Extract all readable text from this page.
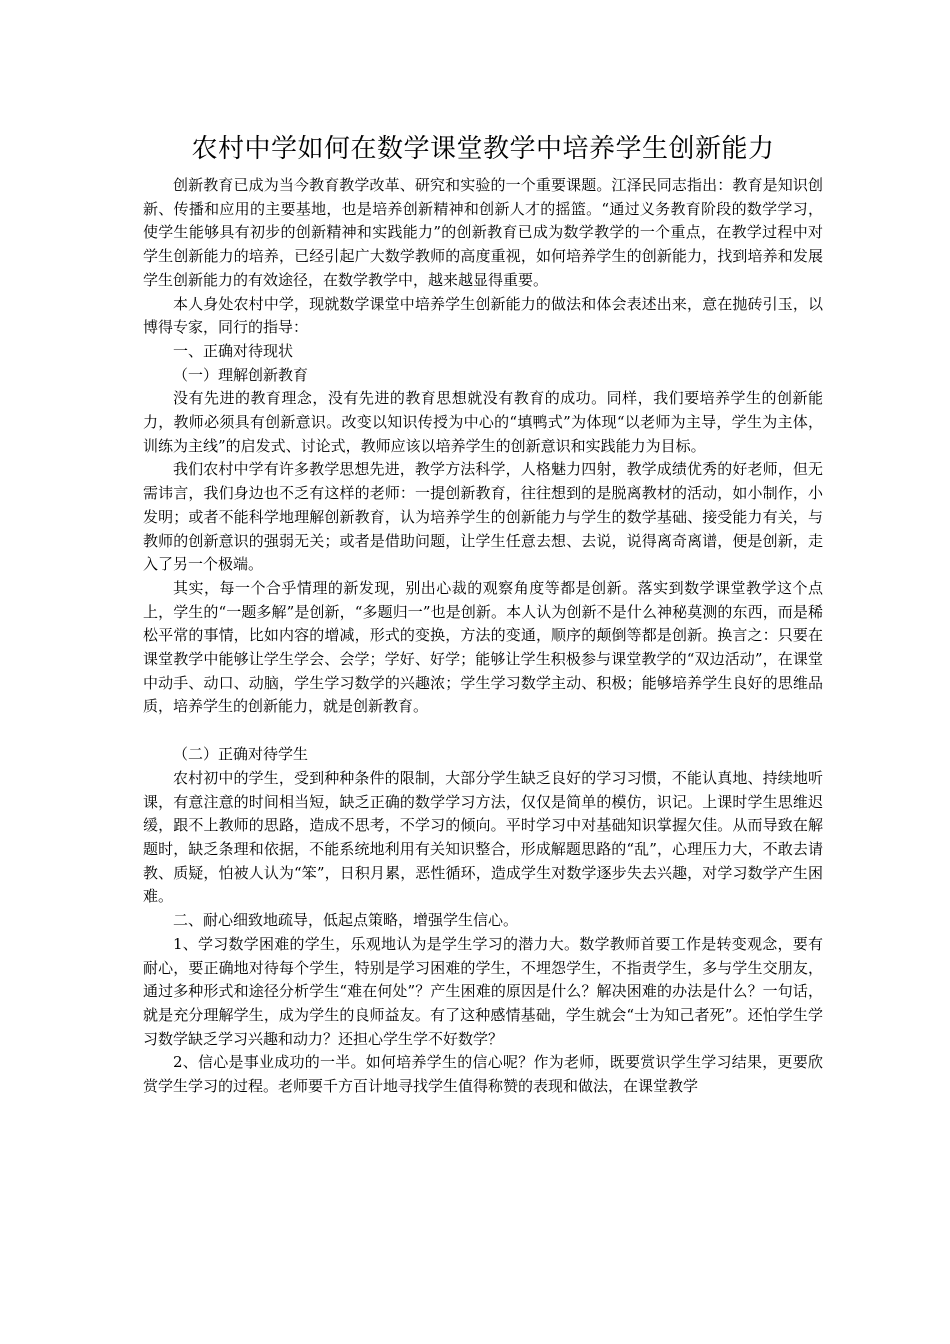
农村中学如何在数学课堂教学中培养学生创新能力

创新教育已成为当今教育教学改革、研究和实验的一个重要课题。江泽民同志指出：教育是知识创新、传播和应用的主要基地，也是培养创新精神和创新人才的摇篮。“通过义务教育阶段的数学学习，使学生能够具有初步的创新精神和实践能力”的创新教育已成为数学教学的一个重点，在教学过程中对学生创新能力的培养，已经引起广大数学教师的高度重视，如何培养学生的创新能力，找到培养和发展学生创新能力的有效途径，在数学教学中，越来越显得重要。

本人身处农村中学，现就数学课堂中培养学生创新能力的做法和体会表述出来，意在抛砖引玉，以博得专家，同行的指导：

一、正确对待现状

（一）理解创新教育

没有先进的教育理念，没有先进的教育思想就没有教育的成功。同样，我们要培养学生的创新能力，教师必须具有创新意识。改变以知识传授为中心的“填鸭式”为体现“以老师为主导，学生为主体，训练为主线”的启发式、讨论式，教师应该以培养学生的创新意识和实践能力为目标。

我们农村中学有许多教学思想先进，教学方法科学，人格魅力四射，教学成绩优秀的好老师，但无需讳言，我们身边也不乏有这样的老师：一提创新教育，往往想到的是脱离教材的活动，如小制作，小发明；或者不能科学地理解创新教育，认为培养学生的创新能力与学生的数学基础、接受能力有关，与教师的创新意识的强弱无关；或者是借助问题，让学生任意去想、去说，说得离奇离谱，便是创新，走入了另一个极端。

其实，每一个合乎情理的新发现，别出心裁的观察角度等都是创新。落实到数学课堂教学这个点上，学生的“一题多解”是创新，“多题归一”也是创新。本人认为创新不是什么神秘莫测的东西，而是稀松平常的事情，比如内容的增减，形式的变换，方法的变通，顺序的颠倒等都是创新。换言之：只要在课堂教学中能够让学生学会、会学；学好、好学；能够让学生积极参与课堂教学的“双边活动”，在课堂中动手、动口、动脑，学生学习数学的兴趣浓；学生学习数学主动、积极；能够培养学生良好的思维品质，培养学生的创新能力，就是创新教育。

（二）正确对待学生

农村初中的学生，受到种种条件的限制，大部分学生缺乏良好的学习习惯，不能认真地、持续地听课，有意注意的时间相当短，缺乏正确的数学学习方法，仅仅是简单的模仿，识记。上课时学生思维迟缓，跟不上教师的思路，造成不思考，不学习的倾向。平时学习中对基础知识掌握欠佳。从而导致在解题时，缺乏条理和依据，不能系统地利用有关知识整合，形成解题思路的“乱”，心理压力大，不敢去请教、质疑，怕被人认为“笨”，日积月累，恶性循环，造成学生对数学逐步失去兴趣，对学习数学产生困难。

二、耐心细致地疏导，低起点策略，增强学生信心。

1、学习数学困难的学生，乐观地认为是学生学习的潜力大。数学教师首要工作是转变观念，要有耐心，要正确地对待每个学生，特别是学习困难的学生，不埋怨学生，不指责学生，多与学生交朋友，通过多种形式和途径分析学生“难在何处”？产生困难的原因是什么？解决困难的办法是什么？一句话，就是充分理解学生，成为学生的良师益友。有了这种感情基础，学生就会“士为知己者死”。还怕学生学习数学缺乏学习兴趣和动力？还担心学生学不好数学？

2、信心是事业成功的一半。如何培养学生的信心呢？作为老师，既要赏识学生学习结果，更要欣赏学生学习的过程。老师要千方百计地寻找学生值得称赞的表现和做法，在课堂教学
